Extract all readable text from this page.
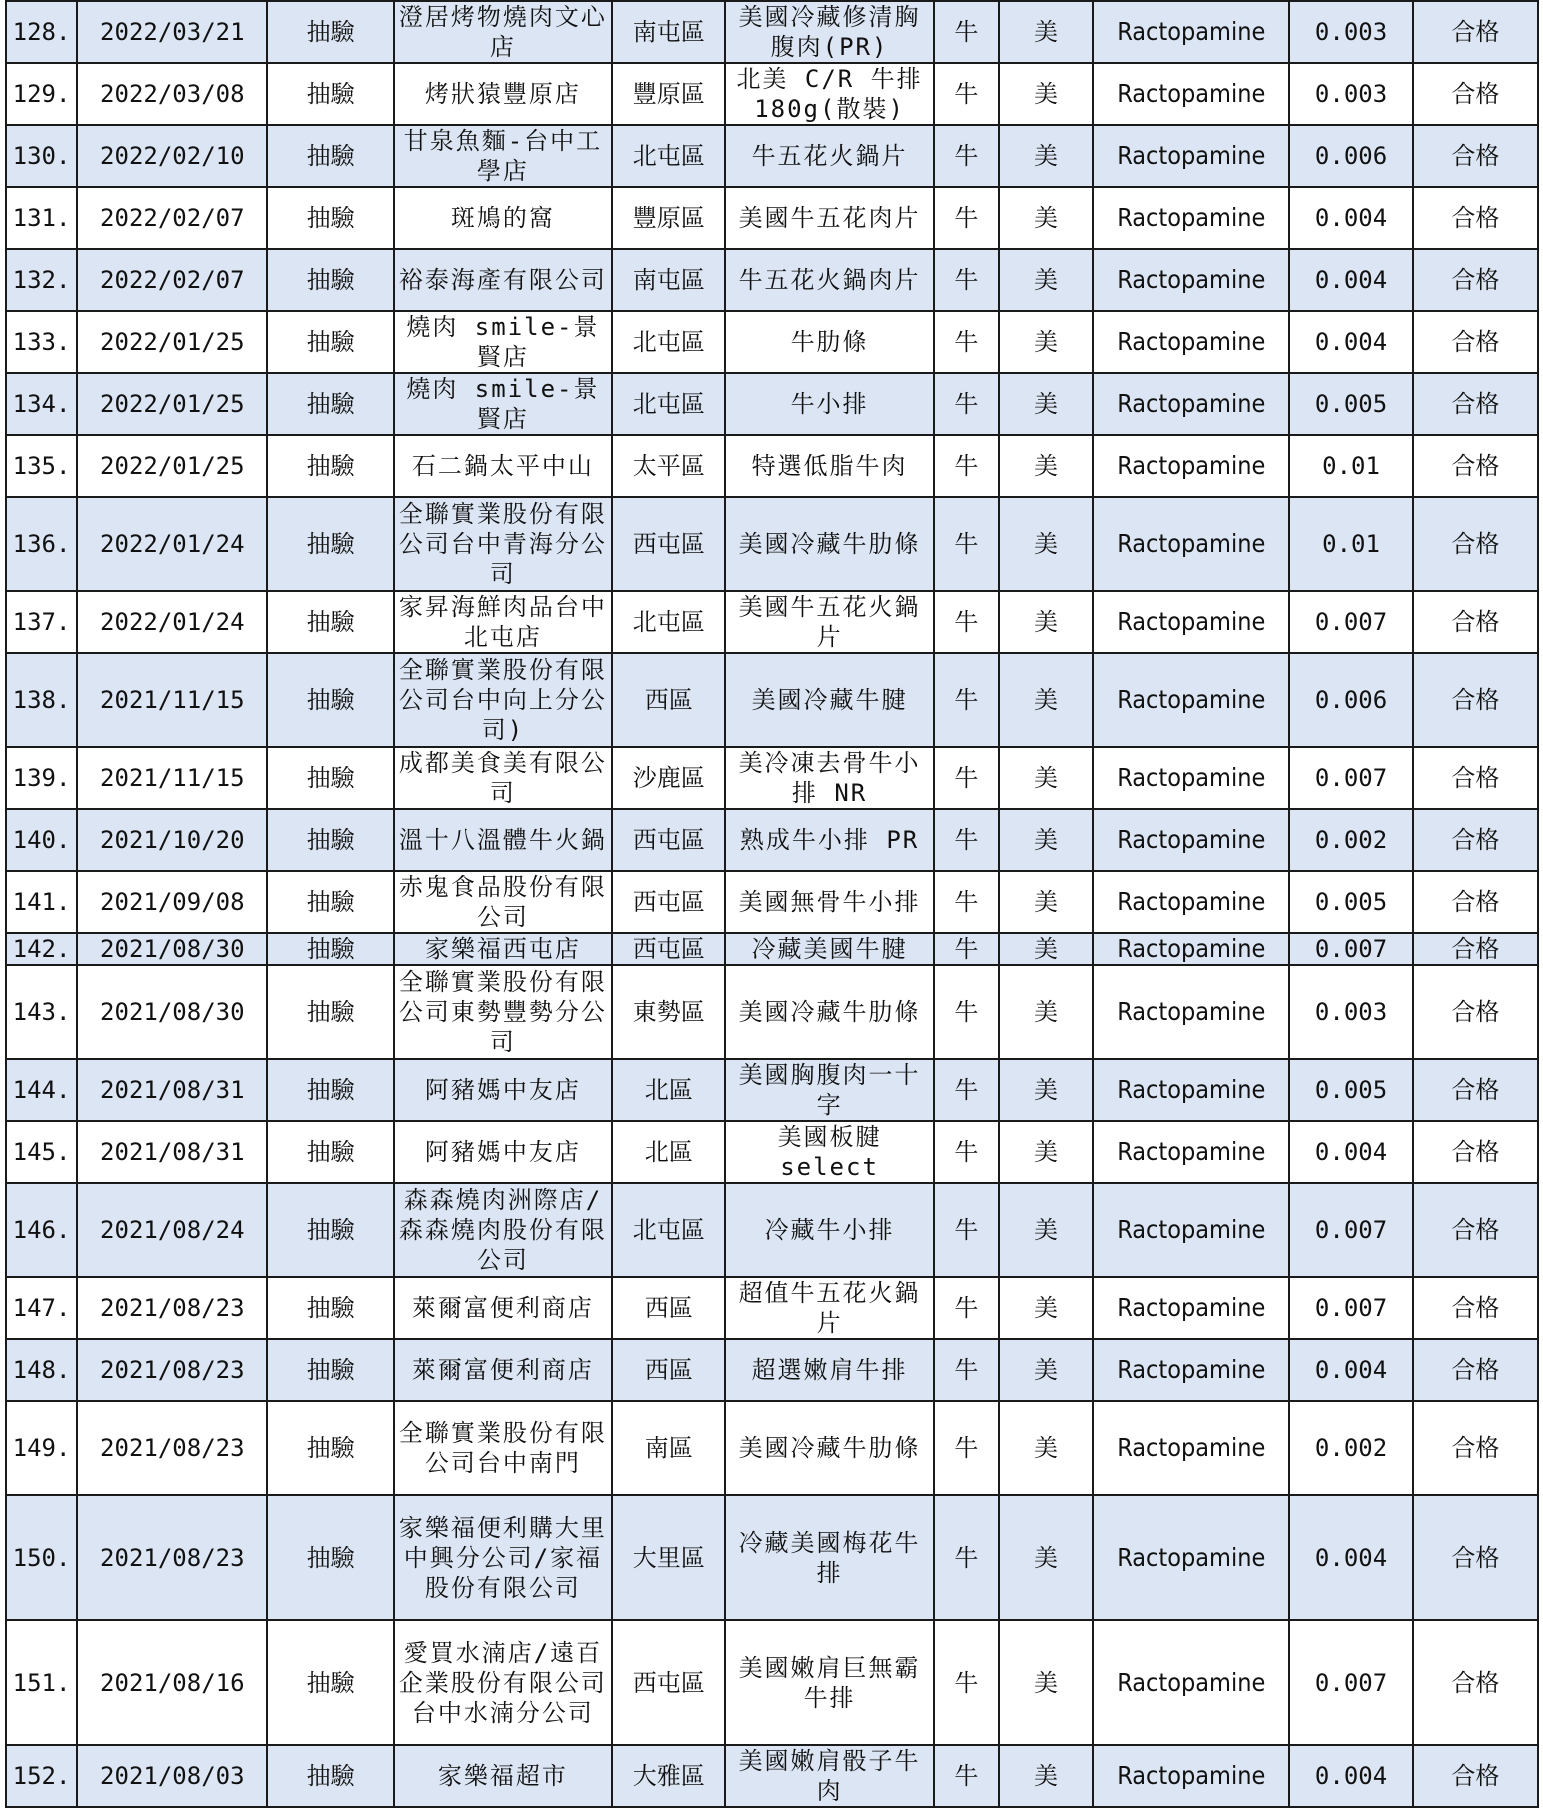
128.	2022/03/21	抽驗	澄居烤物燒肉文心店	南屯區	美國冷藏修清胸腹肉(PR)	牛	美	Ractopamine	0.003	合格
129.	2022/03/08	抽驗	烤狀猿豐原店	豐原區	北美 C/R 牛排 180g(散裝)	牛	美	Ractopamine	0.003	合格
130.	2022/02/10	抽驗	甘泉魚麵-台中工學店	北屯區	牛五花火鍋片	牛	美	Ractopamine	0.006	合格
131.	2022/02/07	抽驗	斑鳩的窩	豐原區	美國牛五花肉片	牛	美	Ractopamine	0.004	合格
132.	2022/02/07	抽驗	裕泰海產有限公司	南屯區	牛五花火鍋肉片	牛	美	Ractopamine	0.004	合格
133.	2022/01/25	抽驗	燒肉 smile-景賢店	北屯區	牛肋條	牛	美	Ractopamine	0.004	合格
134.	2022/01/25	抽驗	燒肉 smile-景賢店	北屯區	牛小排	牛	美	Ractopamine	0.005	合格
135.	2022/01/25	抽驗	石二鍋太平中山	太平區	特選低脂牛肉	牛	美	Ractopamine	0.01	合格
136.	2022/01/24	抽驗	全聯實業股份有限公司台中青海分公司	西屯區	美國冷藏牛肋條	牛	美	Ractopamine	0.01	合格
137.	2022/01/24	抽驗	家昇海鮮肉品台中北屯店	北屯區	美國牛五花火鍋片	牛	美	Ractopamine	0.007	合格
138.	2021/11/15	抽驗	全聯實業股份有限公司台中向上分公司)	西區	美國冷藏牛腱	牛	美	Ractopamine	0.006	合格
139.	2021/11/15	抽驗	成都美食美有限公司	沙鹿區	美冷凍去骨牛小排 NR	牛	美	Ractopamine	0.007	合格
140.	2021/10/20	抽驗	溫十八溫體牛火鍋	西屯區	熟成牛小排 PR	牛	美	Ractopamine	0.002	合格
141.	2021/09/08	抽驗	赤鬼食品股份有限公司	西屯區	美國無骨牛小排	牛	美	Ractopamine	0.005	合格
142.	2021/08/30	抽驗	家樂福西屯店	西屯區	冷藏美國牛腱	牛	美	Ractopamine	0.007	合格
143.	2021/08/30	抽驗	全聯實業股份有限公司東勢豐勢分公司	東勢區	美國冷藏牛肋條	牛	美	Ractopamine	0.003	合格
144.	2021/08/31	抽驗	阿豬媽中友店	北區	美國胸腹肉一十字	牛	美	Ractopamine	0.005	合格
145.	2021/08/31	抽驗	阿豬媽中友店	北區	美國板腱 select	牛	美	Ractopamine	0.004	合格
146.	2021/08/24	抽驗	森森燒肉洲際店/森森燒肉股份有限公司	北屯區	冷藏牛小排	牛	美	Ractopamine	0.007	合格
147.	2021/08/23	抽驗	萊爾富便利商店	西區	超值牛五花火鍋片	牛	美	Ractopamine	0.007	合格
148.	2021/08/23	抽驗	萊爾富便利商店	西區	超選嫩肩牛排	牛	美	Ractopamine	0.004	合格
149.	2021/08/23	抽驗	全聯實業股份有限公司台中南門	南區	美國冷藏牛肋條	牛	美	Ractopamine	0.002	合格
150.	2021/08/23	抽驗	家樂福便利購大里中興分公司/家福股份有限公司	大里區	冷藏美國梅花牛排	牛	美	Ractopamine	0.004	合格
151.	2021/08/16	抽驗	愛買水湳店/遠百企業股份有限公司台中水湳分公司	西屯區	美國嫩肩巨無霸牛排	牛	美	Ractopamine	0.007	合格
152.	2021/08/03	抽驗	家樂福超市	大雅區	美國嫩肩骰子牛肉	牛	美	Ractopamine	0.004	合格
